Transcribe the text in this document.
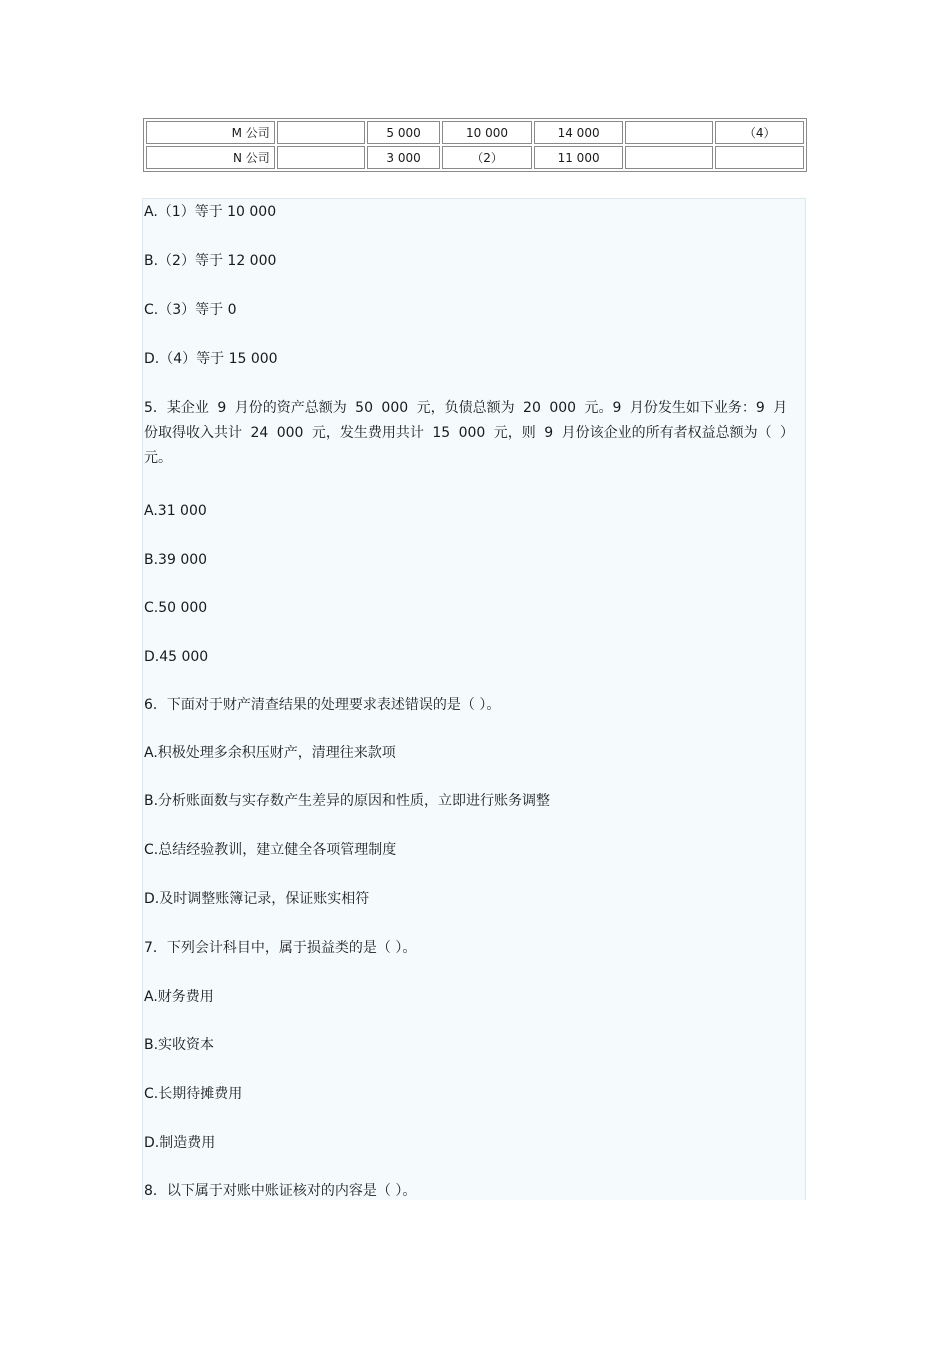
M 公司		5 000	10 000	14 000		（4）
N 公司		3 000	（2）	11 000		
A.（1）等于 10 000
B.（2）等于 12 000
C.（3）等于 0
D.（4）等于 15 000
5．某企业 9 月份的资产总额为 50 000 元，负债总额为 20 000 元。9 月份发生如下业务：9 月份取得收入共计 24 000 元，发生费用共计 15 000 元，则 9 月份该企业的所有者权益总额为（ ）元。
A.31 000
B.39 000
C.50 000
D.45 000
6．下面对于财产清查结果的处理要求表述错误的是（ ）。
A.积极处理多余积压财产，清理往来款项
B.分析账面数与实存数产生差异的原因和性质，立即进行账务调整
C.总结经验教训，建立健全各项管理制度
D.及时调整账簿记录，保证账实相符
7．下列会计科目中，属于损益类的是（ ）。
A.财务费用
B.实收资本
C.长期待摊费用
D.制造费用
8．以下属于对账中账证核对的内容是（ ）。
